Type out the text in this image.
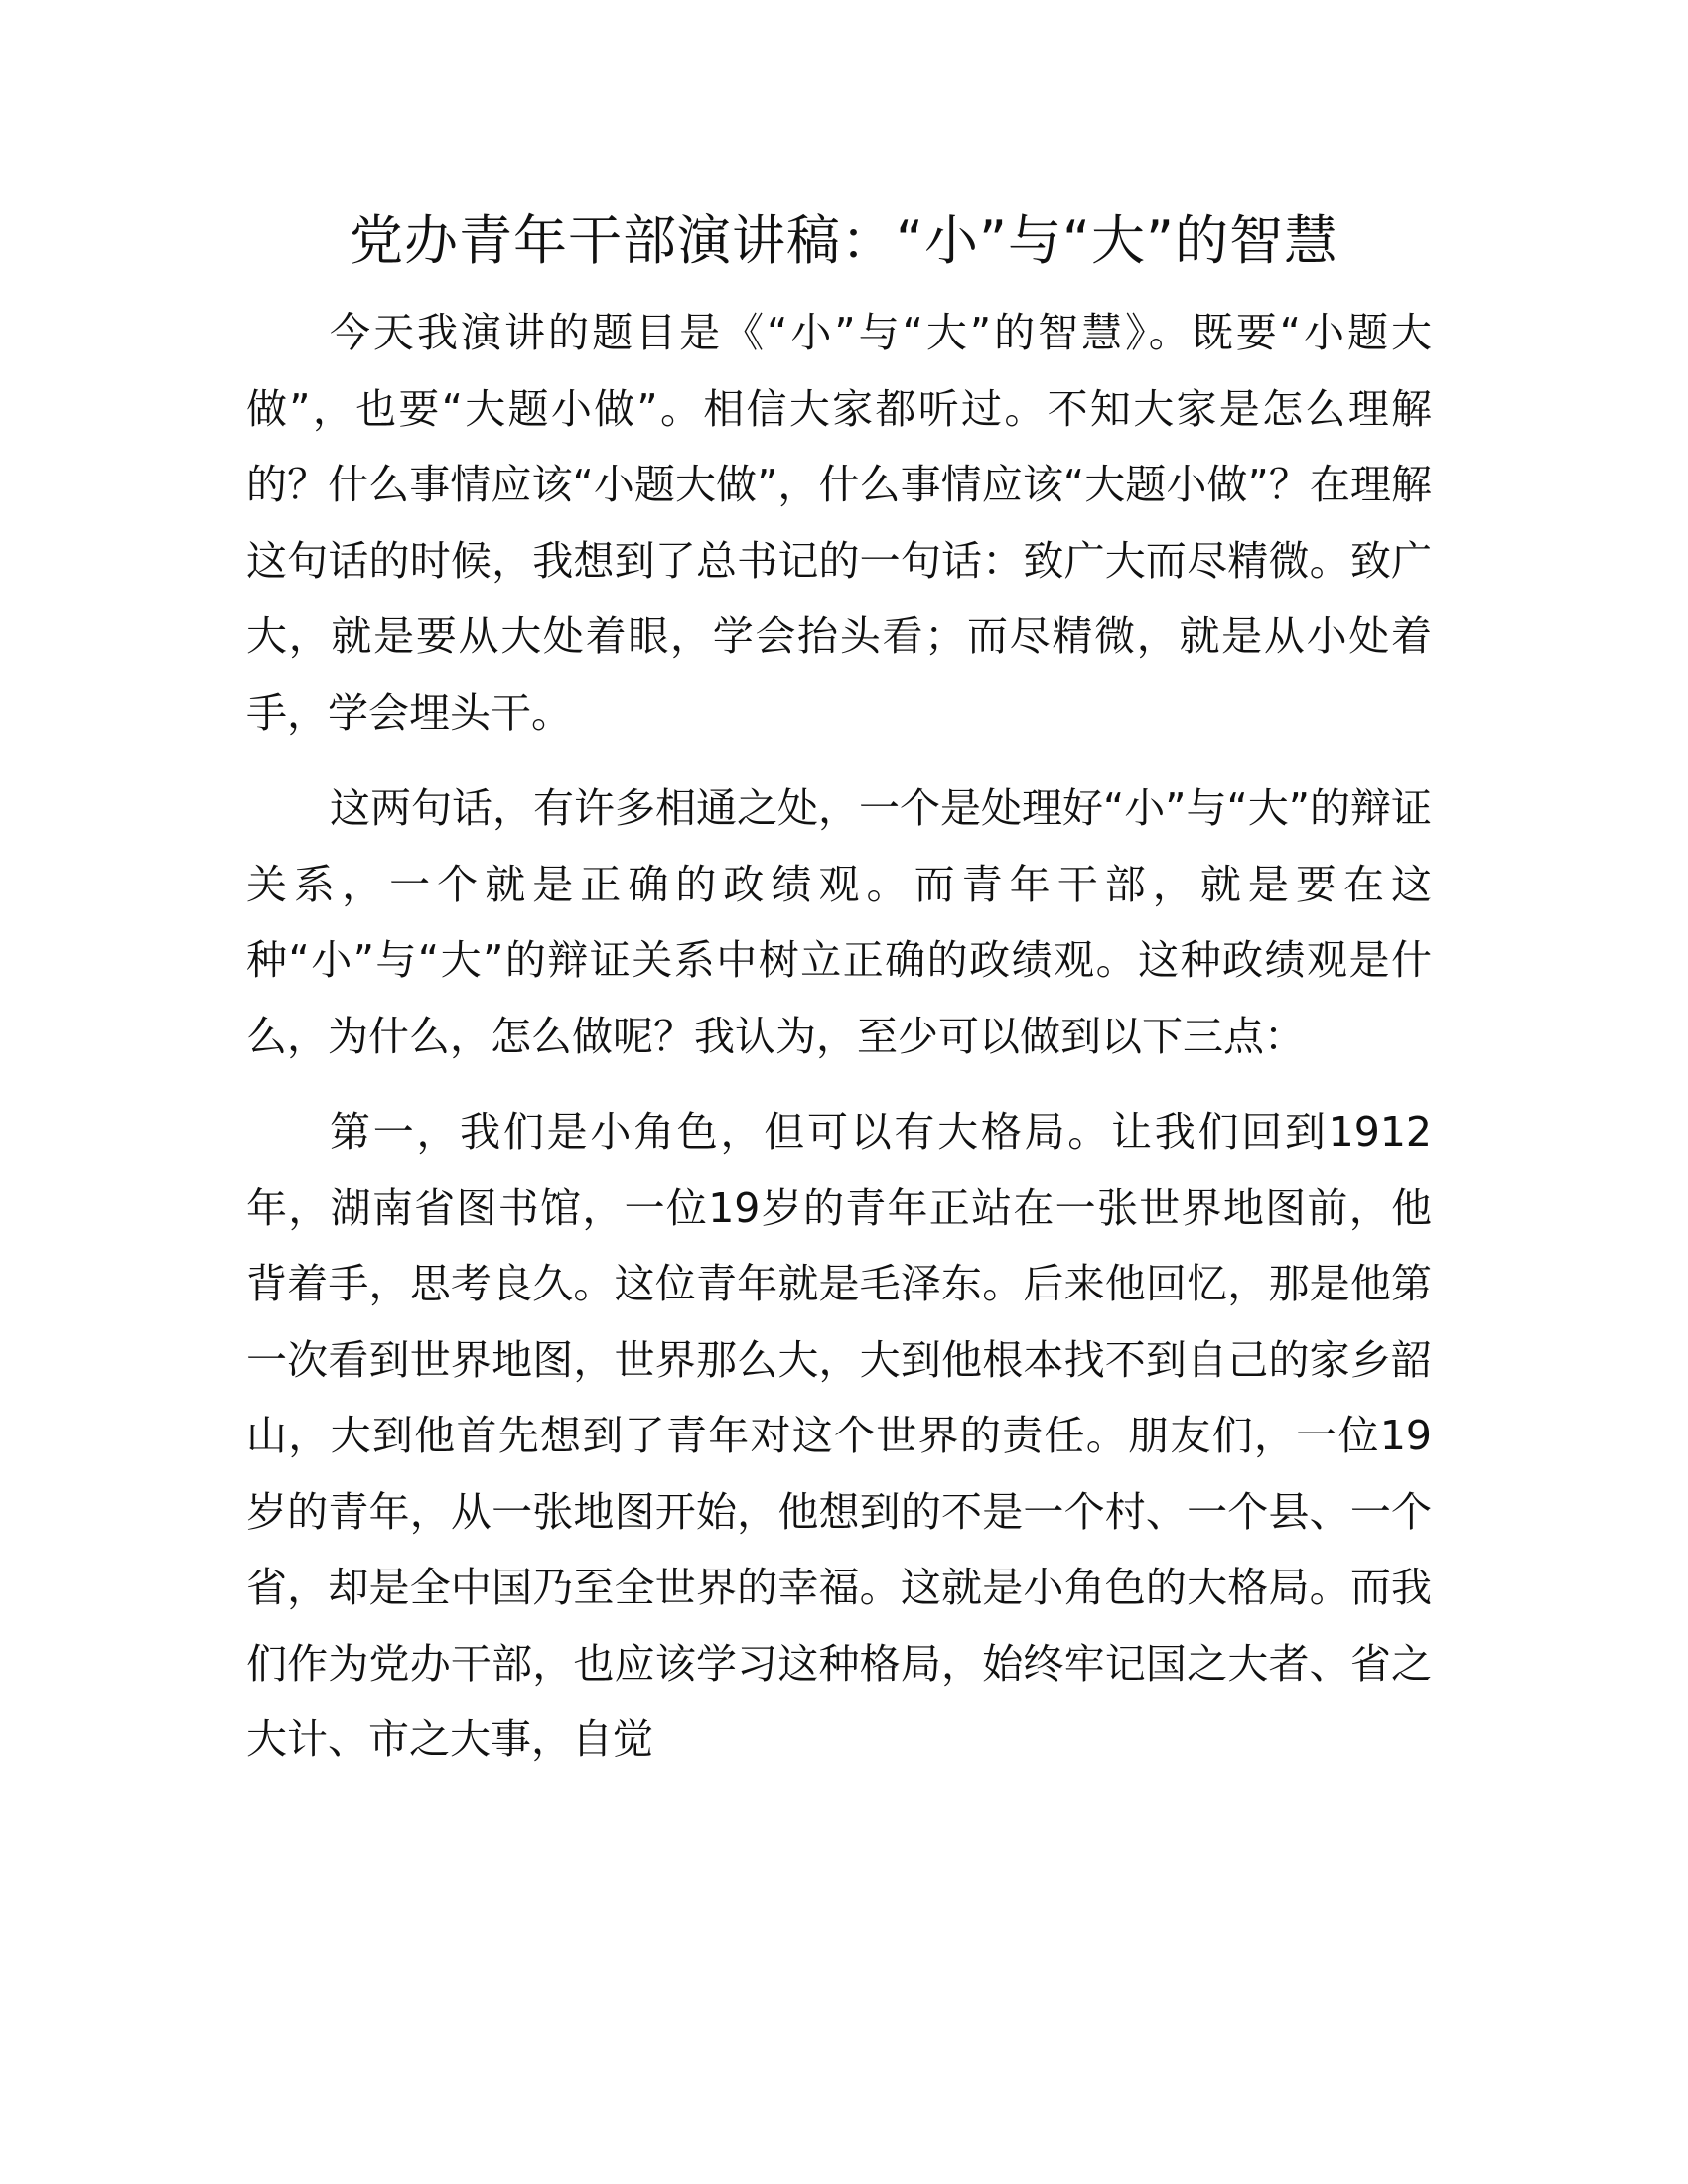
党办青年干部演讲稿：“小”与“大”的智慧

今天我演讲的题目是《“小”与“大”的智慧》。既要“小题大做”，也要“大题小做”。相信大家都听过。不知大家是怎么理解的？什么事情应该“小题大做”，什么事情应该“大题小做”？在理解这句话的时候，我想到了总书记的一句话：致广大而尽精微。致广大，就是要从大处着眼，学会抬头看；而尽精微，就是从小处着手，学会埋头干。

这两句话，有许多相通之处，一个是处理好“小”与“大”的辩证关系，一个就是正确的政绩观。而青年干部，就是要在这种“小”与“大”的辩证关系中树立正确的政绩观。这种政绩观是什么，为什么，怎么做呢？我认为，至少可以做到以下三点：

第一，我们是小角色，但可以有大格局。让我们回到1912年，湖南省图书馆，一位19岁的青年正站在一张世界地图前，他背着手，思考良久。这位青年就是毛泽东。后来他回忆，那是他第一次看到世界地图，世界那么大，大到他根本找不到自己的家乡韶山，大到他首先想到了青年对这个世界的责任。朋友们，一位19岁的青年，从一张地图开始，他想到的不是一个村、一个县、一个省，却是全中国乃至全世界的幸福。这就是小角色的大格局。而我们作为党办干部，也应该学习这种格局，始终牢记国之大者、省之大计、市之大事，自觉
